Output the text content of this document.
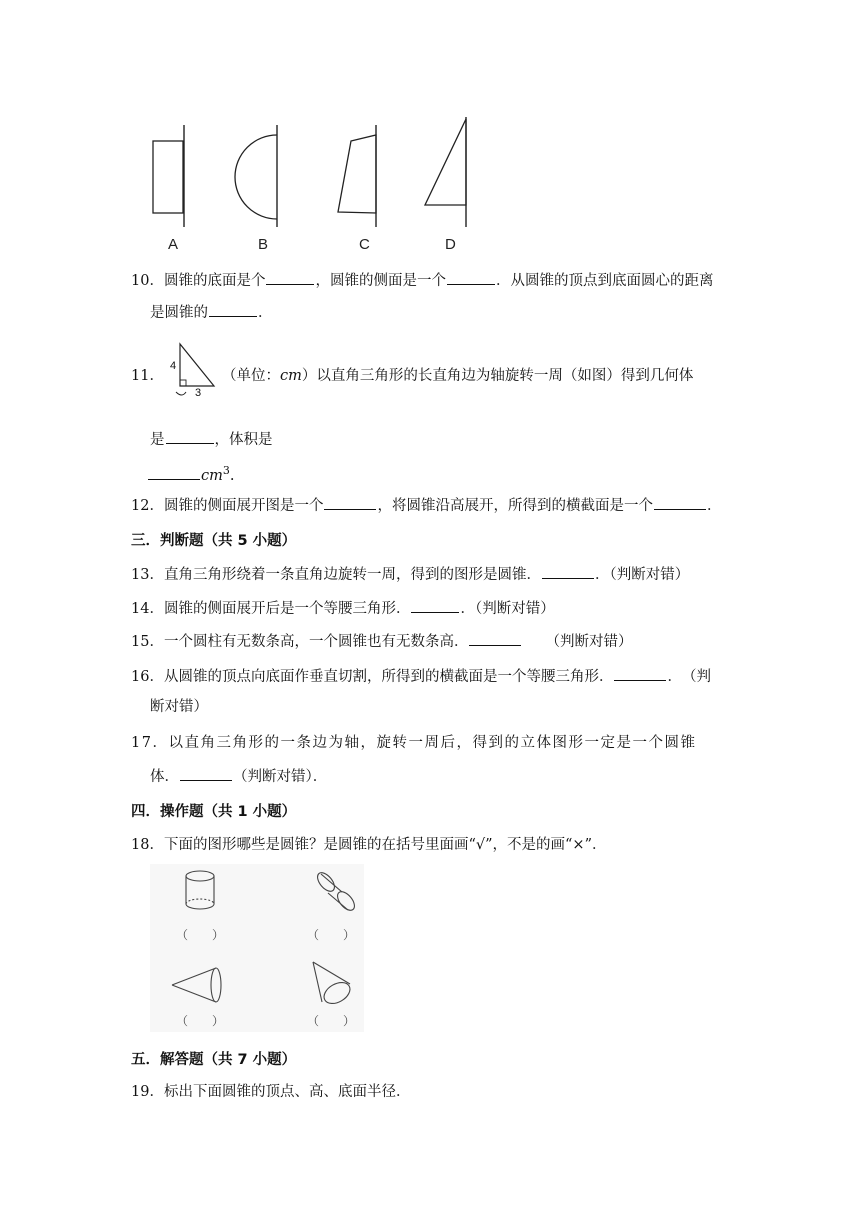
A	B	C	D
10．圆锥的底面是个	，圆锥的侧面是一个	．从圆锥的顶点到底面圆心的距离
是圆锥的	．
11．
4
3
（单位：cm）以直角三角形的长直角边为轴旋转一周（如图）得到几何体
是	，体积是
$cm^3$.
12．圆锥的侧面展开图是一个	，将圆锥沿高展开，所得到的横截面是一个	．
三．判断题（共 5 小题）
13．直角三角形绕着一条直角边旋转一周，得到的图形是圆锥．	．（判断对错）
14．圆锥的侧面展开后是一个等腰三角形．	．（判断对错）
15．一个圆柱有无数条高，一个圆锥也有无数条高．	（判断对错）
16．从圆锥的顶点向底面作垂直切割，所得到的横截面是一个等腰三角形．	．　（判
断对错）
17．以直角三角形的一条边为轴，旋转一周后，得到的立体图形一定是一个圆锥
体．	（判断对错）．
四．操作题（共 1 小题）
18．下面的图形哪些是圆锥？是圆锥的在括号里面画“√”，不是的画“×”．
（　　）	（　　）
（　　）	（　　）
五．解答题（共 7 小题）
19．标出下面圆锥的顶点、高、底面半径．
